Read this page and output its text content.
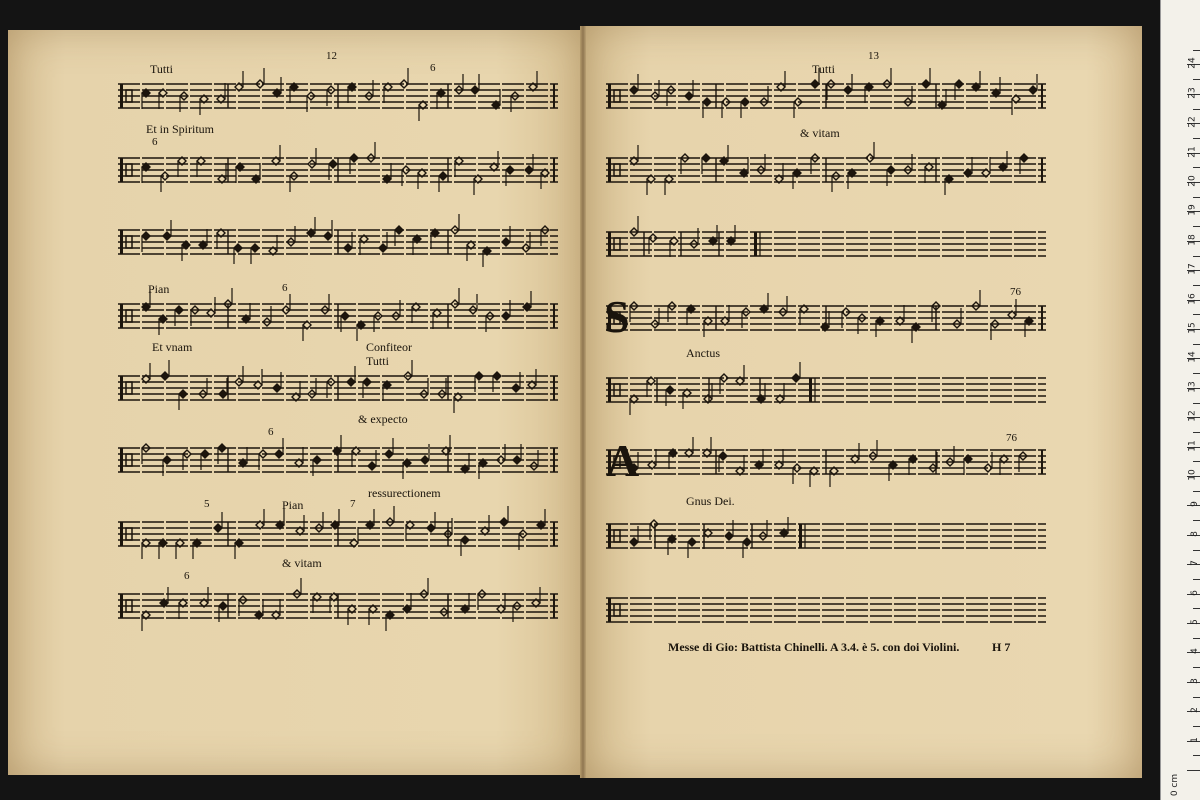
12
Tutti	6
Et in Spiritum
6
Pian	6
Et vnam	Confiteor
Tutti
& expecto
6
ressurectionem
5	Pian	7
& vitam
6
13
Tutti
& vitam
S	76
Anctus
A	76
Gnus Dei.
Messe di Gio: Battista Chinelli. A 3.4. è 5. con doi Violini.	H 7
0 cm
1
2
3
4
5
6
7
8
9
10
11
12
13
14
15
16
17
18
19
20
21
22
23
24
